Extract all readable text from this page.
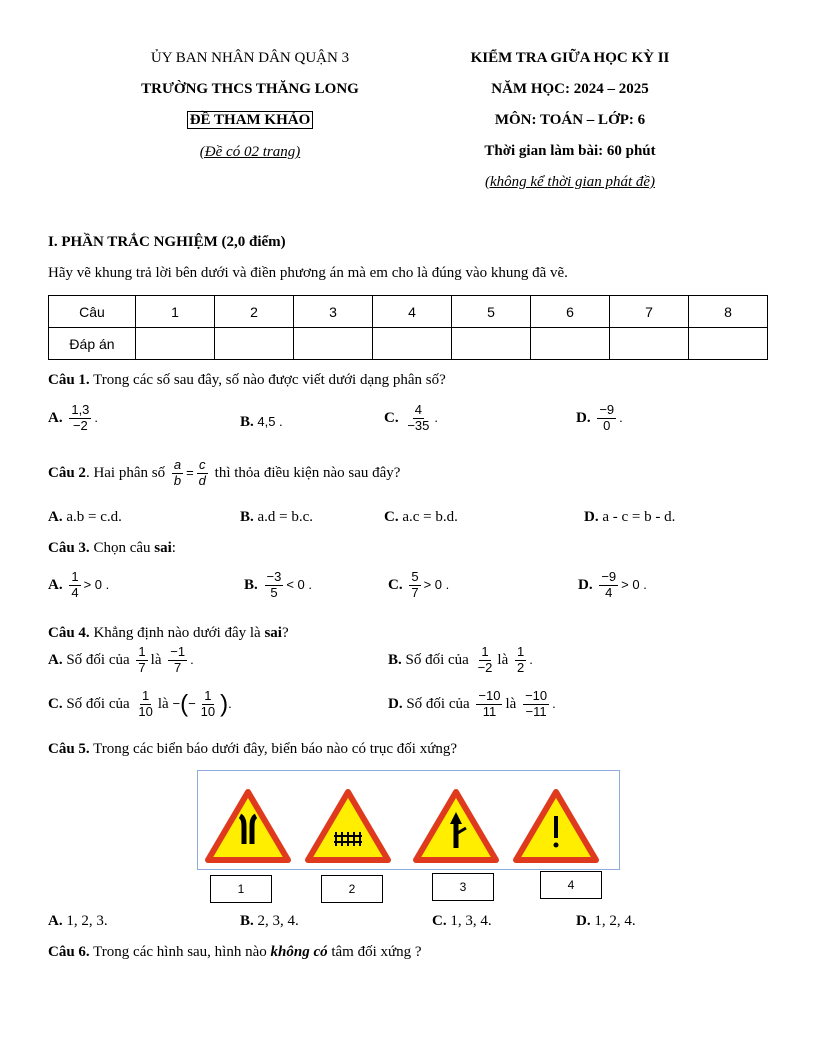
ỦY BAN NHÂN DÂN QUẬN 3
TRƯỜNG THCS THĂNG LONG
ĐỀ THAM KHẢO
(Đề có 02 trang)
KIỂM TRA GIỮA HỌC KỲ II
NĂM HỌC: 2024 – 2025
MÔN: TOÁN – LỚP: 6
Thời gian làm bài: 60 phút
(không kể thời gian phát đề)
I. PHẦN TRẮC NGHIỆM (2,0 điểm)
Hãy vẽ khung trả lời bên dưới và điền phương án mà em cho là đúng vào khung đã vẽ.
Câu	1	2	3	4	5	6	7	8
Đáp án								
Câu 1. Trong các số sau đây, số nào được viết dưới dạng phân số?
A. $\frac{1,3}{-2}$ .	B. 4,5 .	C. $\frac{4}{-35}$ .	D. $\frac{-9}{0}$ .
Câu 2. Hai phân số $\frac{a}{b} = \frac{c}{d}$ thì thỏa điều kiện nào sau đây?
A. a.b = c.d.	B. a.d = b.c.	C. a.c = b.d.	D. a - c = b - d.
Câu 3. Chọn câu sai:
A. $\frac{1}{4} > 0$ .	B. $\frac{-3}{5} < 0$ .	C. $\frac{5}{7} > 0$ .	D. $\frac{-9}{4} > 0$ .
Câu 4. Khẳng định nào dưới đây là sai?
A. Số đối của $\frac{1}{7}$ là $\frac{-1}{7}$ .	B. Số đối của $\frac{1}{-2}$ là $\frac{1}{2}$ .
C. Số đối của $\frac{1}{10}$ là −(− $\frac{1}{10}$ ).	D. Số đối của $\frac{-10}{11}$ là $\frac{-10}{-11}$ .
Câu 5. Trong các biển báo dưới đây, biển báo nào có trục đối xứng?
1	2	3	4
A. 1, 2, 3.	B. 2, 3, 4.	C. 1, 3, 4.	D. 1, 2, 4.
Câu 6. Trong các hình sau, hình nào không có tâm đối xứng ?
